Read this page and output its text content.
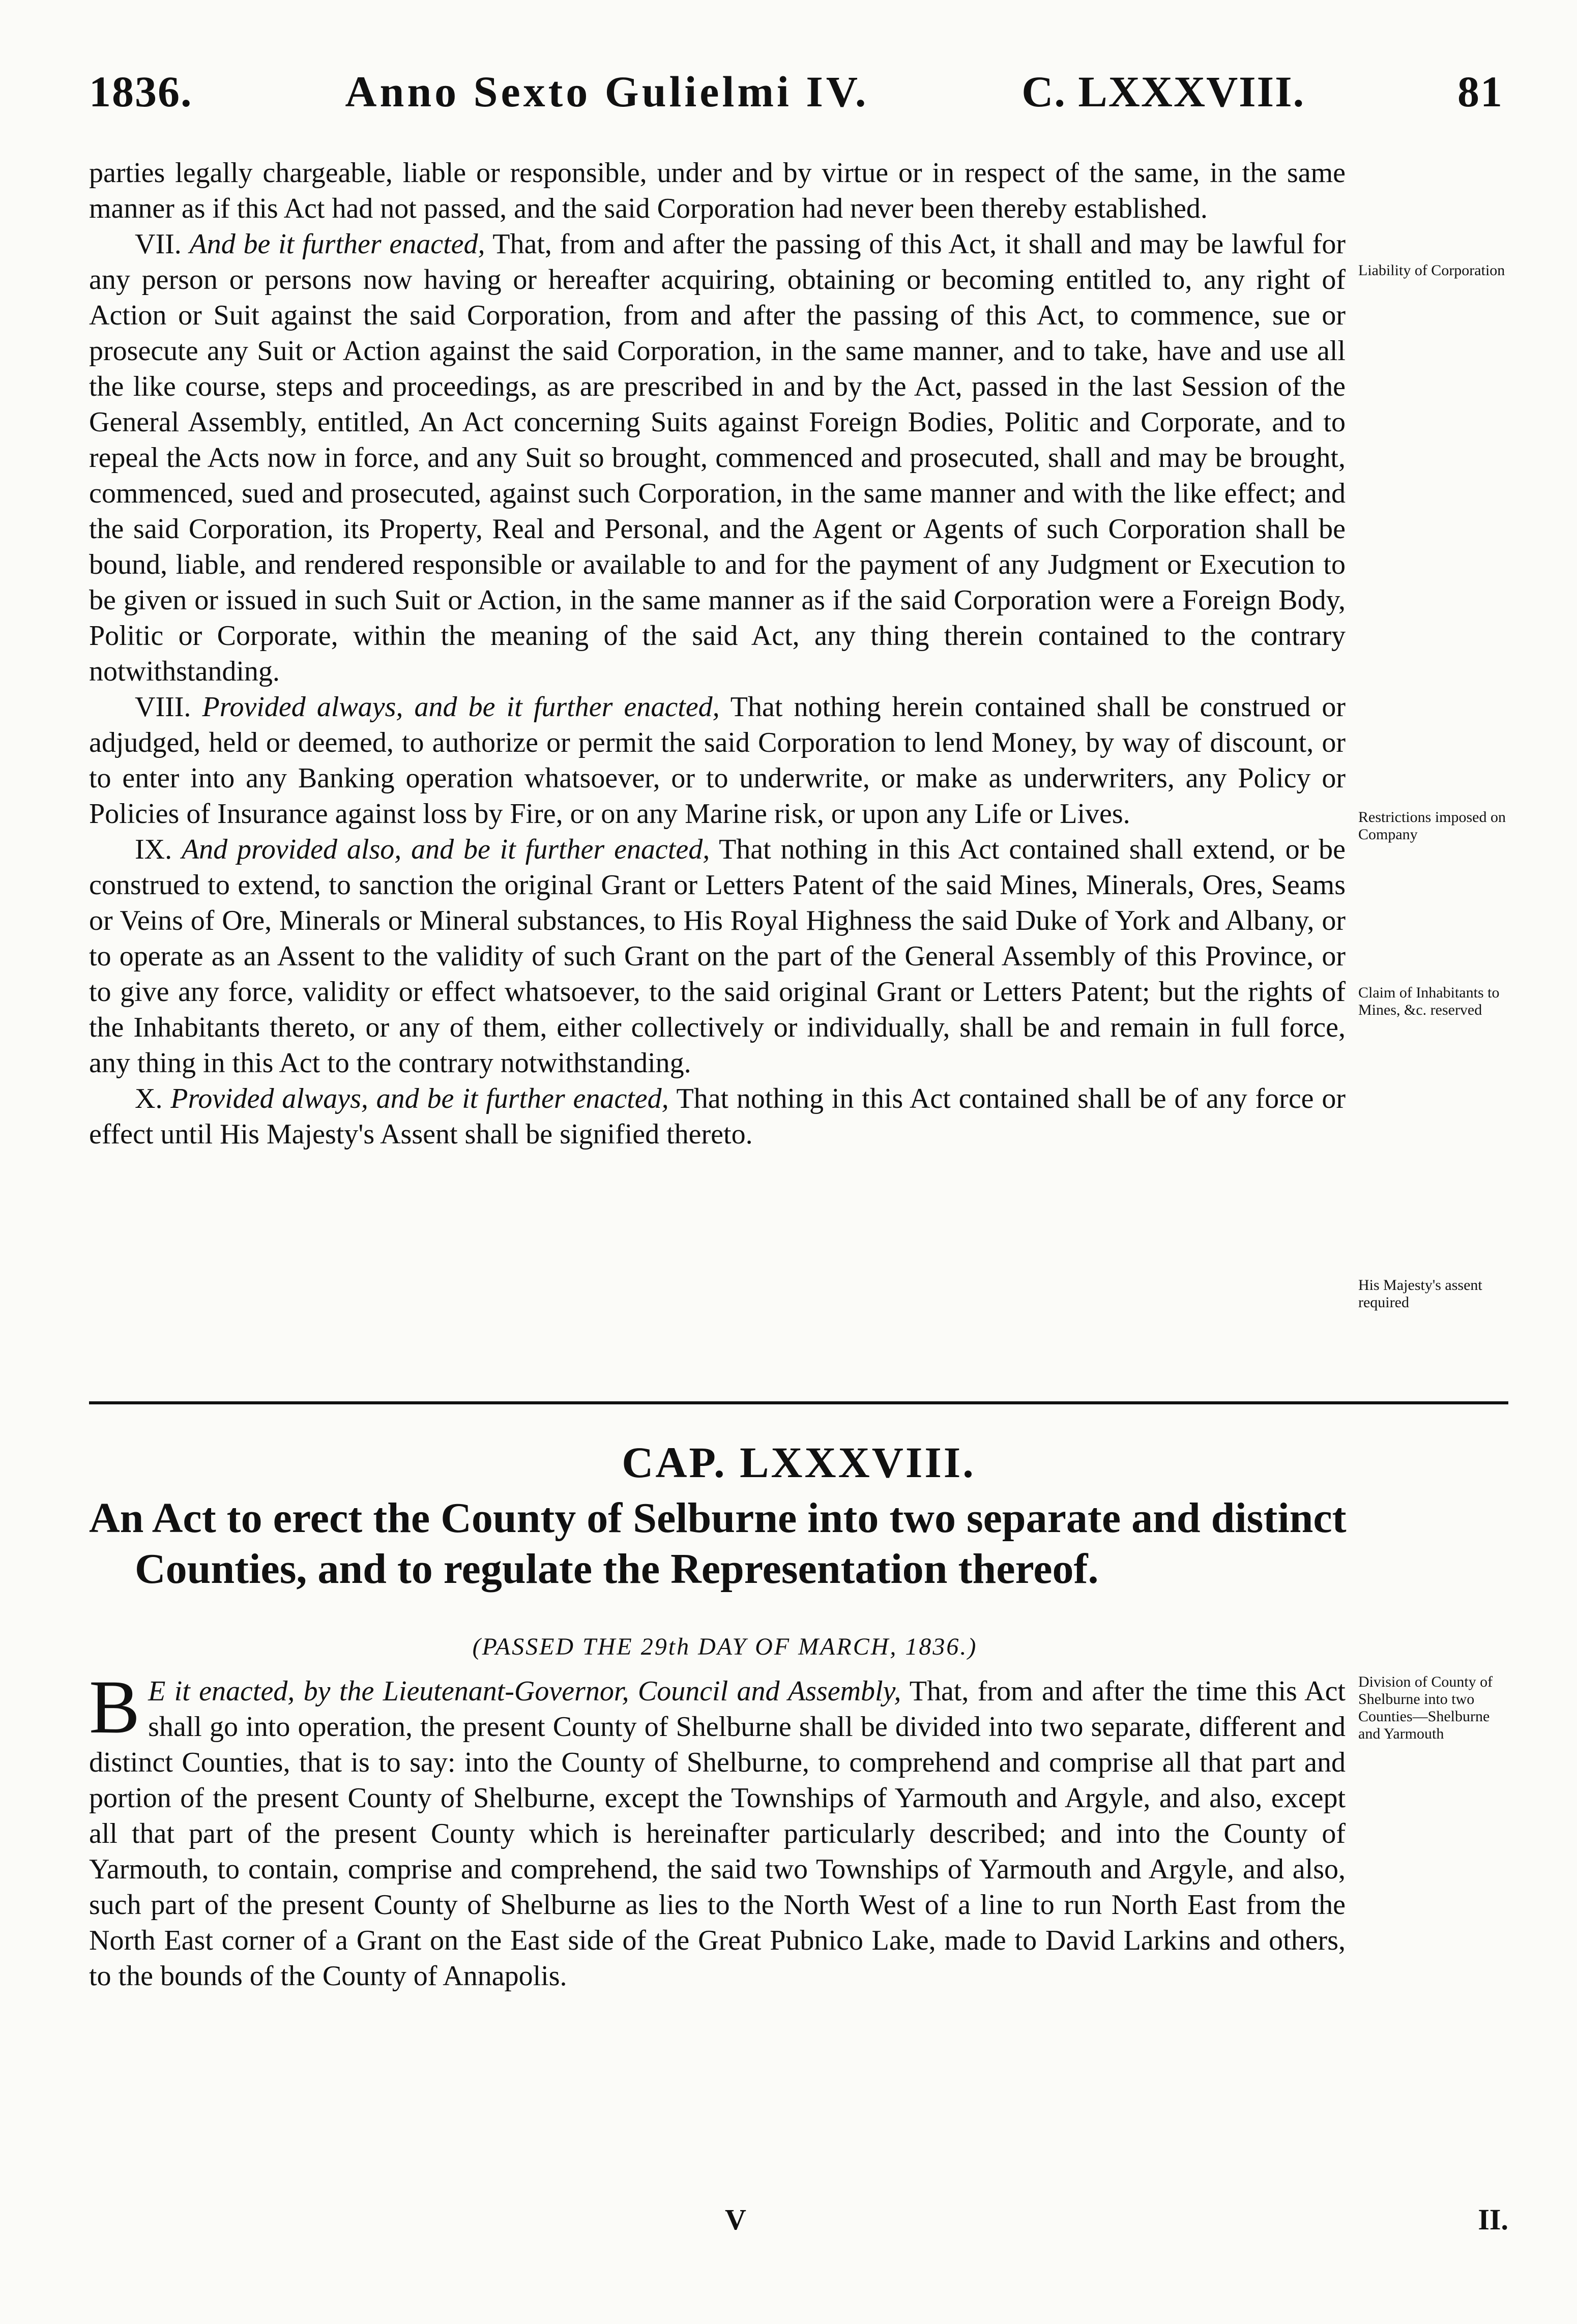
1836.	Anno Sexto Gulielmi IV.	C. LXXXVIII.	81

parties legally chargeable, liable or responsible, under and by virtue or in respect of the same, in the same manner as if this Act had not passed, and the said Corporation had never been thereby established.

VII. And be it further enacted, That, from and after the passing of this Act, it shall and may be lawful for any person or persons now having or hereafter acquiring, obtaining or becoming entitled to, any right of Action or Suit against the said Corporation, from and after the passing of this Act, to commence, sue or prosecute any Suit or Action against the said Corporation, in the same manner, and to take, have and use all the like course, steps and proceedings, as are prescribed in and by the Act, passed in the last Session of the General Assembly, entitled, An Act concerning Suits against Foreign Bodies, Politic and Corporate, and to repeal the Acts now in force, and any Suit so brought, commenced and prosecuted, shall and may be brought, commenced, sued and prosecuted, against such Corporation, in the same manner and with the like effect; and the said Corporation, its Property, Real and Personal, and the Agent or Agents of such Corporation shall be bound, liable, and rendered responsible or available to and for the payment of any Judgment or Execution to be given or issued in such Suit or Action, in the same manner as if the said Corporation were a Foreign Body, Politic or Corporate, within the meaning of the said Act, any thing therein contained to the contrary notwithstanding.

VIII. Provided always, and be it further enacted, That nothing herein contained shall be construed or adjudged, held or deemed, to authorize or permit the said Corporation to lend Money, by way of discount, or to enter into any Banking operation whatsoever, or to underwrite, or make as underwriters, any Policy or Policies of Insurance against loss by Fire, or on any Marine risk, or upon any Life or Lives.

IX. And provided also, and be it further enacted, That nothing in this Act contained shall extend, or be construed to extend, to sanction the original Grant or Letters Patent of the said Mines, Minerals, Ores, Seams or Veins of Ore, Minerals or Mineral substances, to His Royal Highness the said Duke of York and Albany, or to operate as an Assent to the validity of such Grant on the part of the General Assembly of this Province, or to give any force, validity or effect whatsoever, to the said original Grant or Letters Patent; but the rights of the Inhabitants thereto, or any of them, either collectively or individually, shall be and remain in full force, any thing in this Act to the contrary notwithstanding.

X. Provided always, and be it further enacted, That nothing in this Act contained shall be of any force or effect until His Majesty's Assent shall be signified thereto.

Liability of Corporation
Restrictions imposed on Company
Claim of Inhabitants to Mines, &c. reserved
His Majesty's assent required
CAP. LXXXVIII.
An Act to erect the County of Selburne into two separate and distinct Counties, and to regulate the Representation thereof.
(PASSED THE 29th DAY OF MARCH, 1836.)
B E it enacted, by the Lieutenant-Governor, Council and Assembly, That, from and after the time this Act shall go into operation, the present County of Shelburne shall be divided into two separate, different and distinct Counties, that is to say: into the County of Shelburne, to comprehend and comprise all that part and portion of the present County of Shelburne, except the Townships of Yarmouth and Argyle, and also, except all that part of the present County which is hereinafter particularly described; and into the County of Yarmouth, to contain, comprise and comprehend, the said two Townships of Yarmouth and Argyle, and also, such part of the present County of Shelburne as lies to the North West of a line to run North East from the North East corner of a Grant on the East side of the Great Pubnico Lake, made to David Larkins and others, to the bounds of the County of Annapolis.
Division of County of Shelburne into two Counties—Shelburne and Yarmouth
V	II.
